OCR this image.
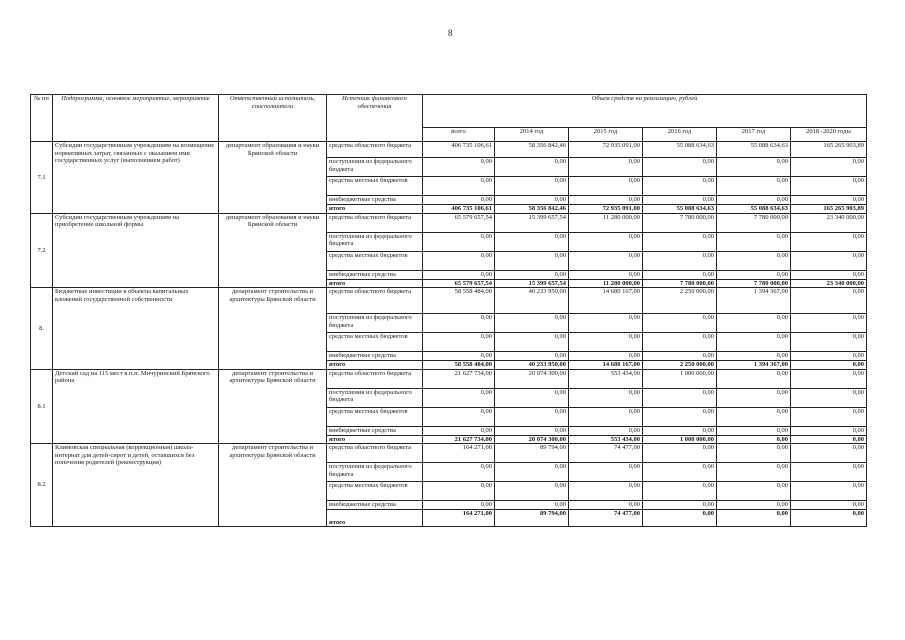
8
№ пп	Подпрограмма, основное мероприятие, мероприятие	Ответственный исполнитель, соисполнители	Источник финансового обеспечения	Объем средств на реализацию, рублей					
				всего	2014 год	2015 год	2016 год	2017 год	2018 -2020 годы
7.1	Субсидии государственным учреждениям на возмещение нормативных затрат, связанных с оказанием ими государственных услуг (выполнением работ)	департамент образования и науки Брянской области	средства областного бюджета	406 735 106,61	58 356 842,46	72 935 091,00	55 088 634,63	55 088 634,63	165 265 903,89
			поступления из федерального бюджета	0,00	0,00	0,00	0,00	0,00	0,00
			средства местных бюджетов	0,00	0,00	0,00	0,00	0,00	0,00
			внебюджетные средства	0,00	0,00	0,00	0,00	0,00	0,00
			итого	406 735 106,61	58 356 842,46	72 935 091,00	55 088 634,63	55 088 634,63	165 265 903,89
7.2	Субсидии государственным учреждениям на приобретение школьной формы	департамент образования и науки Брянской области	средства областного бюджета	65 579 657,54	15 399 657,54	11 280 000,00	7 780 000,00	7 780 000,00	23 340 000,00
			поступления из федерального бюджета	0,00	0,00	0,00	0,00	0,00	0,00
			средства местных бюджетов	0,00	0,00	0,00	0,00	0,00	0,00
			внебюджетные средства	0,00	0,00	0,00	0,00	0,00	0,00
			итого	65 579 657,54	15 399 657,54	11 280 000,00	7 780 000,00	7 780 000,00	23 340 000,00
8.	Бюджетные инвестиции в объекты капитальных вложений государственной собственности	департамент строительства и архитектуры Брянской области	средства областного бюджета	58 558 484,00	40 233 950,00	14 680 167,00	2 250 000,00	1 394 367,00	0,00
			поступления из федерального бюджета	0,00	0,00	0,00	0,00	0,00	0,00
			средства местных бюджетов	0,00	0,00	0,00	0,00	0,00	0,00
			внебюджетные средства	0,00	0,00	0,00	0,00	0,00	0,00
			итого	58 558 484,00	40 233 950,00	14 680 167,00	2 250 000,00	1 394 367,00	0,00
8.1	Детский сад на 115 мест в п.п. Мичуринский Брянского района	департамент строительства и архитектуры Брянской области	средства областного бюджета	21 627 734,00	20 074 300,00	553 434,00	1 000 000,00	0,00	0,00
			поступления из федерального бюджета	0,00	0,00	0,00	0,00	0,00	0,00
			средства местных бюджетов	0,00	0,00	0,00	0,00	0,00	0,00
			внебюджетные средства	0,00	0,00	0,00	0,00	0,00	0,00
			итого	21 627 734,00	20 074 300,00	553 434,00	1 000 000,00	0,00	0,00
8.2	Климовская специальная (коррекционная) школа-интернат для детей-сирот и детей, оставшихся без попечения родителей (реконструкция)	департамент строительства и архитектуры Брянской области	средства областного бюджета	164 271,00	89 794,00	74 477,00	0,00	0,00	0,00
			поступления из федерального бюджета	0,00	0,00	0,00	0,00	0,00	0,00
			средства местных бюджетов	0,00	0,00	0,00	0,00	0,00	0,00
			внебюджетные средства	0,00	0,00	0,00	0,00	0,00	0,00
			итого	164 271,00	89 794,00	74 477,00	0,00	0,00	0,00
